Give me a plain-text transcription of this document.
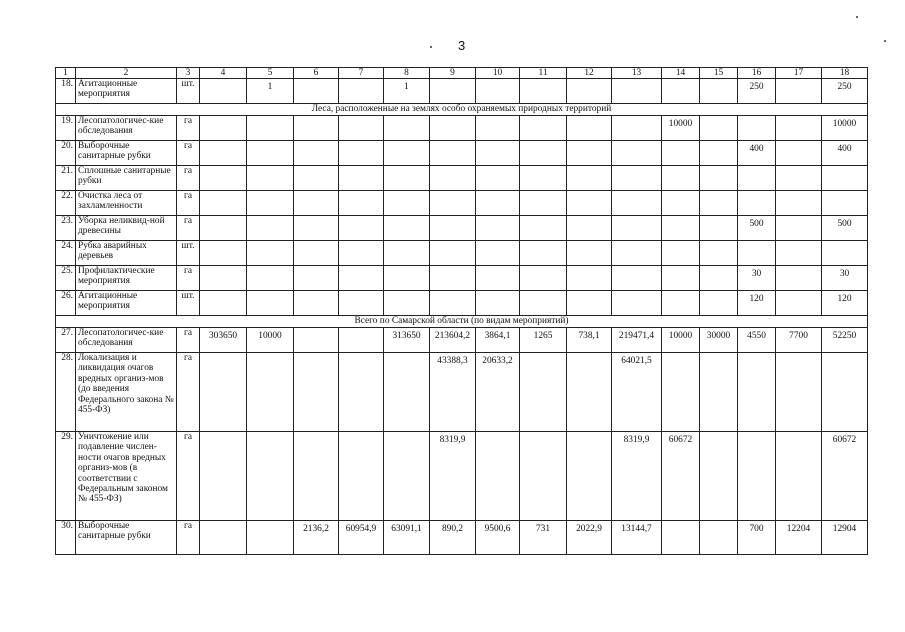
3
1	2	3	4	5	6	7	8	9	10	11	12	13	14	15	16	17	18
18.	Агитационные мероприятия	шт.		1			1								250		250
Леса, расположенные на землях особо охраняемых природных территорий																	
19.	Лесопатологичес-кие обследования	га											10000				10000
20.	Выборочные санитарные рубки	га													400		400
21.	Сплошные санитарные рубки	га															
22.	Очистка леса от захламленности	га															
23.	Уборка неликвид-ной древесины	га													500		500
24.	Рубка аварийных деревьев	шт.															
25.	Профилактические мероприятия	га													30		30
26.	Агитационные мероприятия	шт.													120		120
Всего по Самарской области (по видам мероприятий)																	
27.	Лесопатологичес-кие обследования	га	303650	10000			313650	213604,2	3864,1	1265	738,1	219471,4	10000	30000	4550	7700	52250
28.	Локализация и ликвидация очагов вредных организ-мов (до введения Федерального закона № 455-ФЗ)	га						43388,3	20633,2			64021,5					
29.	Уничтожение или подавление числен-ности очагов вредных организ-мов (в соответствии с Федеральным законом № 455-ФЗ)	га						8319,9				8319,9	60672				60672
30.	Выборочные санитарные рубки	га			2136,2	60954,9	63091,1	890,2	9500,6	731	2022,9	13144,7			700	12204	12904
